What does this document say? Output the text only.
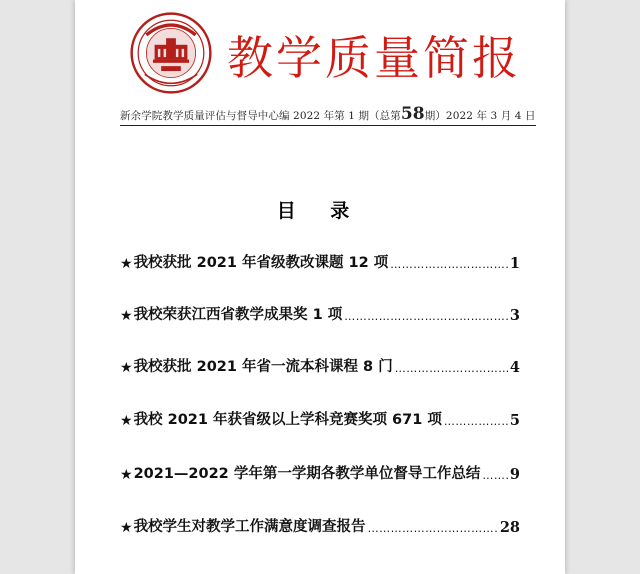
教学质量简报
新余学院教学质量评估与督导中心编 2022 年第 1 期（总第58期）2022 年 3 月 4 日
目 录
★ 我校获批 2021 年省级教改课题 12 项 ……………………………………………………………………………………………………………………………………	1
★ 我校荣获江西省教学成果奖 1 项 ……………………………………………………………………………………………………………………………………	3
★ 我校获批 2021 年省一流本科课程 8 门 ……………………………………………………………………………………………………………………………………	4
★ 我校 2021 年获省级以上学科竞赛奖项 671 项 ……………………………………………………………………………………………………………………………………	5
★ 2021—2022 学年第一学期各教学单位督导工作总结 …………………………………………………………………………………………………………………………………… 9
★ 我校学生对教学工作满意度调查报告 ……………………………………………………………………………………………………………………………………	28
